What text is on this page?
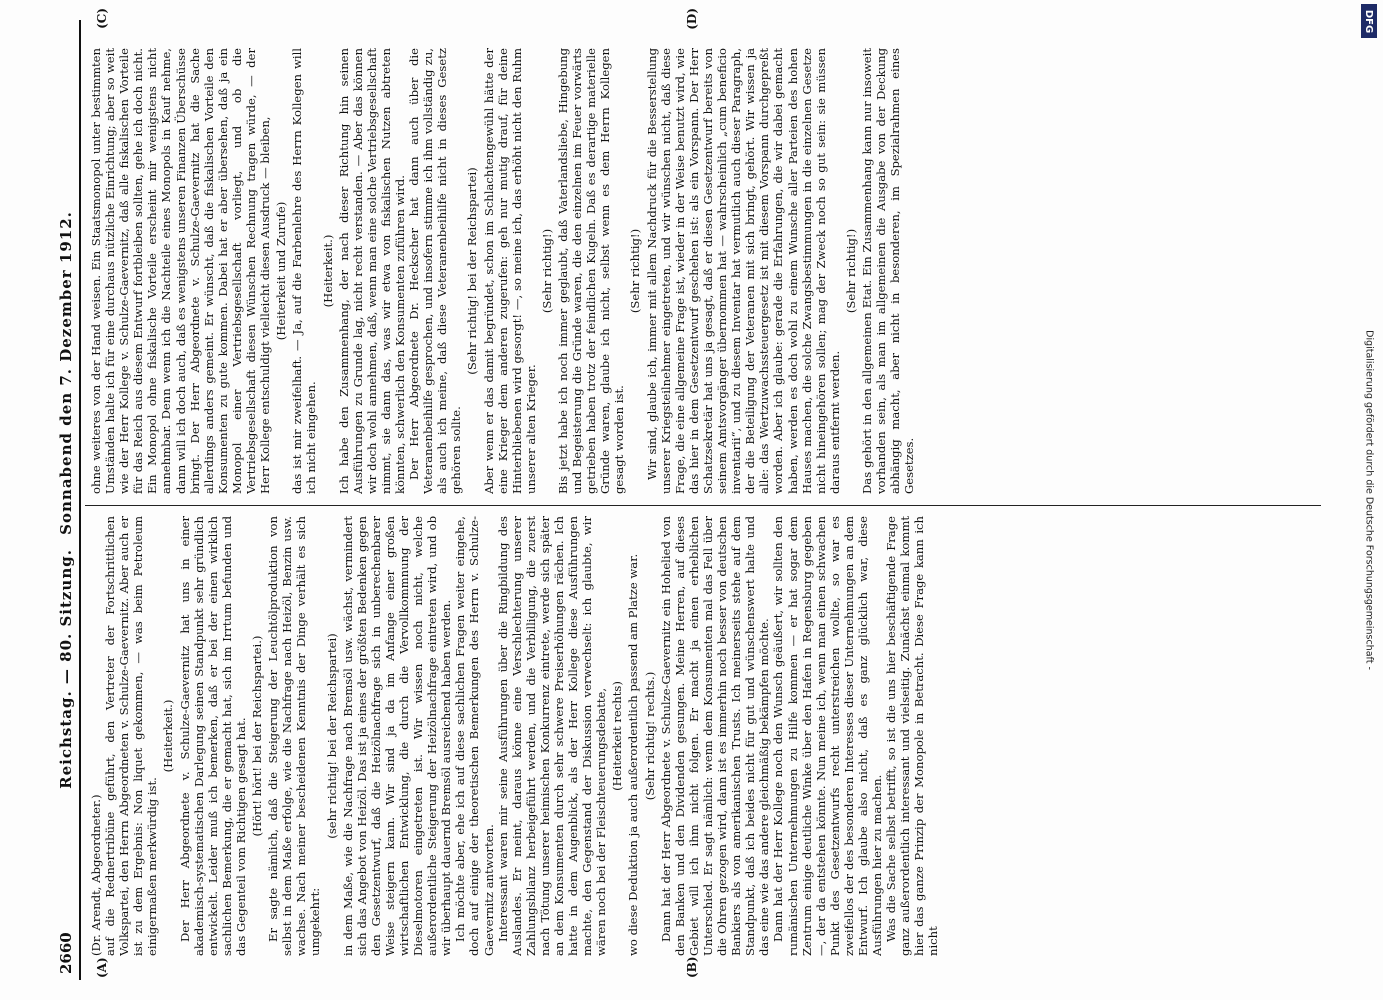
2660
Reichstag. — 80. Sitzung. Sonnabend den 7. Dezember 1912.
(A)	(B)
(C)	(D)

(Dr. Arendt, Abgeordneter.) auf die Rednertribüne geführt, den Vertreter der Fortschrittlichen Volkspartei, den Herrn Abgeordneten v. Schulze-Gaevernitz. Aber auch er ist zu dem Ergebnis: Non liquet gekommen, — was beim Petroleum einigermaßen merkwürdig ist.

(Heiterkeit.) Der Herr Abgeordnete v. Schulze-Gaevernitz hat uns in einer akademisch-systematischen Darlegung seinen Standpunkt sehr gründlich entwickelt. Leider muß ich bemerken, daß er bei der einen wirklich sachlichen Bemerkung, die er gemacht hat, sich im Irrtum befunden und das Gegenteil vom Richtigen gesagt hat. (Hört! hört! bei der Reichspartei.) Er sagte nämlich, daß die Steigerung der Leuchtölproduktion von selbst in dem Maße erfolge, wie die Nachfrage nach Heizöl, Benzin usw. wachse. Nach meiner bescheidenen Kenntnis der Dinge verhält es sich umgekehrt:

(sehr richtig! bei der Reichspartei) in dem Maße, wie die Nachfrage nach Bremsöl usw. wächst, vermindert sich das Angebot von Heizöl. Das ist ja eines der größten Bedenken gegen den Gesetzentwurf, daß die Heizölnachfrage sich in unberechenbarer Weise steigern kann. Wir sind ja da im Anfange einer großen wirtschaftlichen Entwicklung, die durch die Vervollkommnung der Dieselmotoren eingetreten ist. Wir wissen noch nicht, welche außerordentliche Steigerung der Heizölnachfrage eintreten wird, und ob wir überhaupt dauernd Bremsöl ausreichend haben werden. Ich möchte aber, ehe ich auf diese sachlichen Fragen weiter eingehe, doch auf einige der theoretischen Bemerkungen des Herrn v. Schulze-Gaevernitz antworten. Interessant waren mir seine Ausführungen über die Ringbildung des Auslandes. Er meint, daraus könne eine Verschlechterung unserer Zahlungsbilanz herbeigeführt werden, und die Verbilligung, die zuerst nach Tötung unserer heimischen Konkurrenz eintrete, werde sich später an dem Konsumenten durch sehr schwere Preiserhöhungen rächen. Ich hatte in dem Augenblick, als der Herr Kollege diese Ausführungen machte, den Gegenstand der Diskussion verwechselt: ich glaubte, wir wären noch bei der Fleischteuerungsdebatte, (Heiterkeit rechts) wo diese Deduktion ja auch außerordentlich passend am Platze war. (Sehr richtig! rechts.) Dann hat der Herr Abgeordnete v. Schulze-Gaevernitz ein Hohelied von den Banken und den Dividenden gesungen. Meine Herren, auf dieses Gebiet will ich ihm nicht folgen. Er macht ja einen erheblichen Unterschied. Er sagt nämlich: wenn dem Konsumenten mal das Fell über die Ohren gezogen wird, dann ist es immerhin noch besser von deutschen Bankiers als von amerikanischen Trusts. Ich meinerseits stehe auf dem Standpunkt, daß ich beides nicht für gut und wünschenswert halte und das eine wie das andere gleichmäßig bekämpfen möchte. Dann hat der Herr Kollege noch den Wunsch geäußert, wir sollten den rumänischen Unternehmungen zu Hilfe kommen — er hat sogar dem Zentrum einige deutliche Winke über den Hafen in Regensburg gegeben —, der da entstehen könnte. Nun meine ich, wenn man einen schwachen Punkt des Gesetzentwurfs recht unterstreichen wollte, so war es zweifellos der des besonderen Interesses dieser Unternehmungen an dem Entwurf. Ich glaube also nicht, daß es ganz glücklich war, diese Ausführungen hier zu machen. Was die Sache selbst betrifft, so ist die uns hier beschäftigende Frage ganz außerordentlich interessant und vielseitig. Zunächst einmal kommt hier das ganze Prinzip der Monopole in Betracht. Diese Frage kann ich nicht

ohne weiteres von der Hand weisen. Ein Staatsmonopol unter bestimmten Umständen halte ich für eine durchaus nützliche Einrichtung; aber so weit wie der Herr Kollege v. Schulze-Gaevernitz, daß alle fiskalischen Vorteile für das Reich aus diesem Entwurf fortbleiben sollten, gehe ich doch nicht. Ein Monopol ohne fiskalische Vorteile erscheint mir wenigstens nicht annehmbar. Denn wenn ich die Nachteile eines Monopols in Kauf nehme, dann will ich doch auch, daß es wenigstens unseren Finanzen Überschüsse bringt. Der Herr Abgeordnete v. Schulze-Gaevernitz hat die Sache allerdings anders gemeint. Er wünscht, daß die fiskalischen Vorteile den Konsumenten zu gute kommen. Dabei hat er aber übersehen, daß ja ein Monopol einer Vertriebsgesellschaft vorliegt, und ob die Vertriebsgesellschaft diesen Wünschen Rechnung tragen würde, — der Herr Kollege entschuldigt vielleicht diesen Ausdruck — bleiben, (Heiterkeit und Zurufe) das ist mir zweifelhaft. — Ja, auf die Farbenlehre des Herrn Kollegen will ich nicht eingehen.

(Heiterkeit.) Ich habe den Zusammenhang, der nach dieser Richtung hin seinen Ausführungen zu Grunde lag, nicht recht verstanden. — Aber das können wir doch wohl annehmen, daß, wenn man eine solche Vertriebsgesellschaft nimmt, sie dann das, was wir etwa von fiskalischen Nutzen abtreten könnten, schwerlich den Konsumenten zuführen wird. Der Herr Abgeordnete Dr. Heckscher hat dann auch über die Veteranenbeihilfe gesprochen, und insofern stimme ich ihm vollständig zu, als auch ich meine, daß diese Veteranenbeihilfe nicht in dieses Gesetz gehören sollte.

(Sehr richtig! bei der Reichspartei) Aber wenn er das damit begründet, schon im Schlachtengewühl hätte der eine Krieger dem anderen zugerufen: geh nur mutig drauf, für deine Hinterbliebenen wird gesorgt! —, so meine ich, das erhöht nicht den Ruhm unserer alten Krieger.

(Sehr richtig!) Bis jetzt habe ich noch immer geglaubt, daß Vaterlandsliebe, Hingebung und Begeisterung die Gründe waren, die den einzelnen im Feuer vorwärts getrieben haben trotz der feindlichen Kugeln. Daß es derartige materielle Gründe waren, glaube ich nicht, selbst wenn es dem Herrn Kollegen gesagt worden ist.

(Sehr richtig!) Wir sind, glaube ich, immer mit allem Nachdruck für die Besserstellung unserer Kriegsteilnehmer eingetreten, und wir wünschen nicht, daß diese Frage, die eine allgemeine Frage ist, wieder in der Weise benutzt wird, wie das hier in dem Gesetzentwurf geschehen ist: als ein Vorspann. Der Herr Schatzsekretär hat uns ja gesagt, daß er diesen Gesetzentwurf bereits von seinem Amtsvorgänger übernommen hat — wahrscheinlich „cum beneficio inventarii“, und zu diesem Inventar hat vermutlich auch dieser Paragraph, der die Beteiligung der Veteranen mit sich bringt, gehört. Wir wissen ja alle: das Wertzuwachssteuergesetz ist mit diesem Vorspann durchgepreßt worden. Aber ich glaube: gerade die Erfahrungen, die wir dabei gemacht haben, werden es doch wohl zu einem Wunsche aller Parteien des hohen Hauses machen, die solche Zwangsbestimmungen in die einzelnen Gesetze nicht hineingehören sollen; mag der Zweck noch so gut sein: sie müssen daraus entfernt werden.

(Sehr richtig!) Das gehört in den allgemeinen Etat. Ein Zusammenhang kann nur insoweit vorhanden sein, als man im allgemeinen die Ausgabe von der Deckung abhängig macht, aber nicht in besonderen, im Spezialrahmen eines Gesetzes.	Digitalisierung gefördert durch die Deutsche Forschungsgemeinschaft -
DFG
